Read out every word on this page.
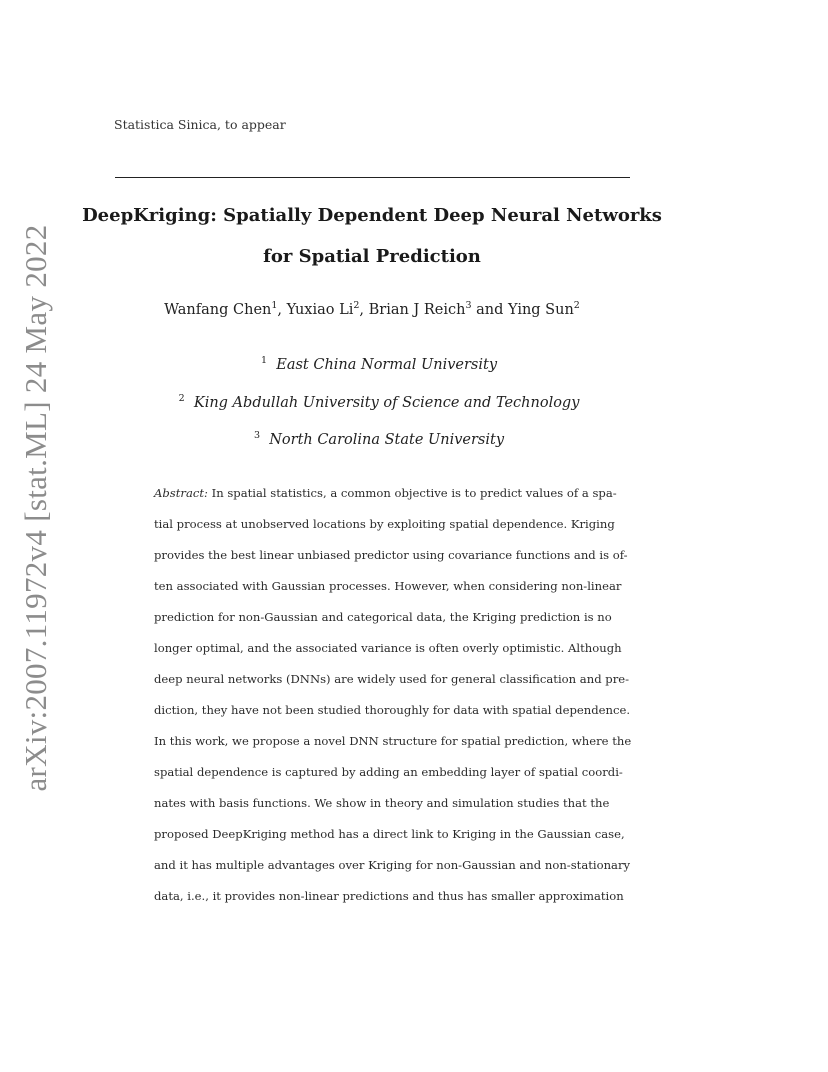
Statistica Sinica, to appear
DeepKriging: Spatially Dependent Deep Neural Networks
for Spatial Prediction
Wanfang Chen$^1$, Yuxiao Li$^2$, Brian J Reich$^3$ and Ying Sun$^2$
$^1$ East China Normal University
$^2$ King Abdullah University of Science and Technology
$^3$ North Carolina State University
Abstract: In spatial statistics, a common objective is to predict values of a spa-
tial process at unobserved locations by exploiting spatial dependence. Kriging
provides the best linear unbiased predictor using covariance functions and is of-
ten associated with Gaussian processes. However, when considering non-linear
prediction for non-Gaussian and categorical data, the Kriging prediction is no
longer optimal, and the associated variance is often overly optimistic. Although
deep neural networks (DNNs) are widely used for general classification and pre-
diction, they have not been studied thoroughly for data with spatial dependence.
In this work, we propose a novel DNN structure for spatial prediction, where the
spatial dependence is captured by adding an embedding layer of spatial coordi-
nates with basis functions. We show in theory and simulation studies that the
proposed DeepKriging method has a direct link to Kriging in the Gaussian case,
and it has multiple advantages over Kriging for non-Gaussian and non-stationary
data, i.e., it provides non-linear predictions and thus has smaller approximation
arXiv:2007.11972v4 [stat.ML] 24 May 2022
